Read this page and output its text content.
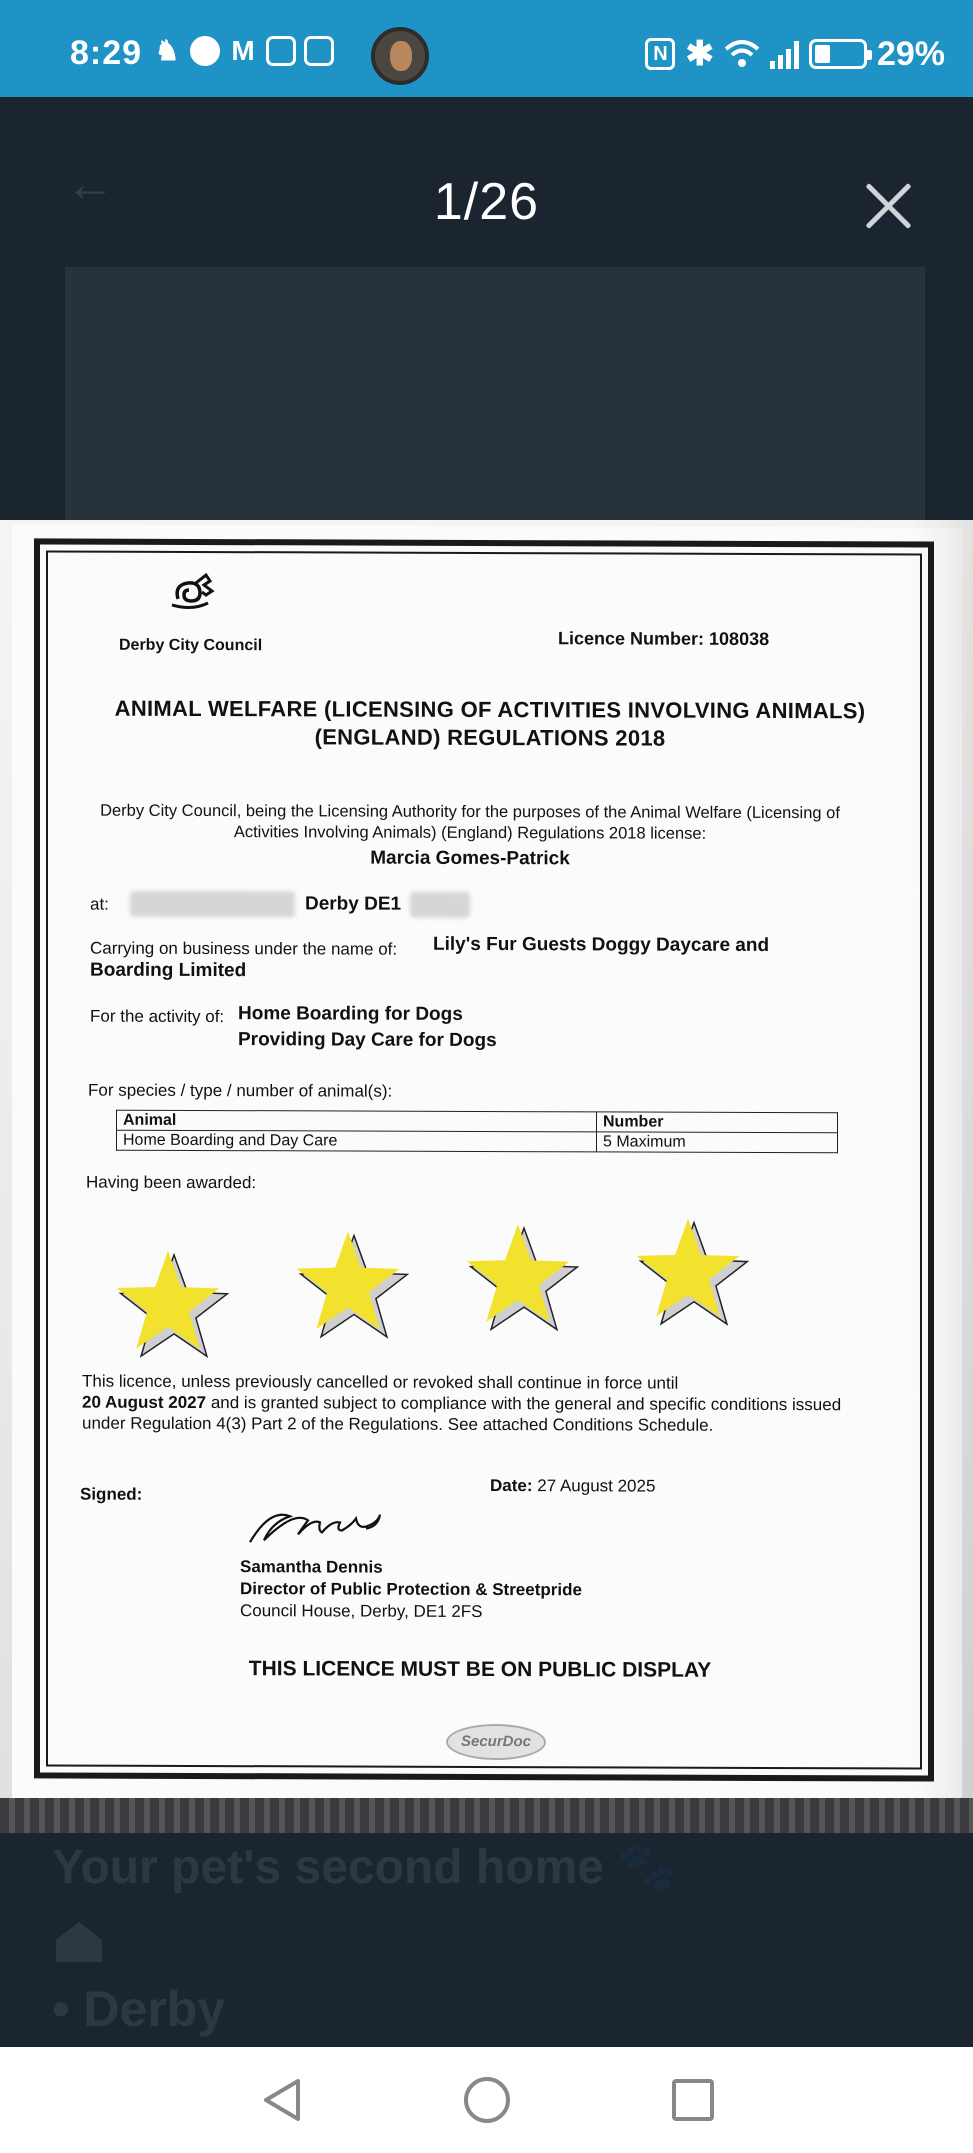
8:29 ♞ M	N ✱	29%
←	1/26
Derby City Council	Licence Number: 108038
ANIMAL WELFARE (LICENSING OF ACTIVITIES INVOLVING ANIMALS) (ENGLAND) REGULATIONS 2018
Derby City Council, being the Licensing Authority for the purposes of the Animal Welfare (Licensing of Activities Involving Animals) (England) Regulations 2018 license:
Marcia Gomes-Patrick
at:	Derby DE1
Carrying on business under the name of: Lily's Fur Guests Doggy Daycare and
Boarding Limited
For the activity of: Home Boarding for Dogs
Providing Day Care for Dogs
For species / type / number of animal(s):
Animal	Number
Home Boarding and Day Care	5 Maximum
Having been awarded:
This licence, unless previously cancelled or revoked shall continue in force until
20 August 2027 and is granted subject to compliance with the general and specific conditions issued under Regulation 4(3) Part 2 of the Regulations. See attached Conditions Schedule.
Signed:	Date: 27 August 2025
Samantha Dennis
Director of Public Protection & Streetpride
Council House, Derby, DE1 2FS
THIS LICENCE MUST BE ON PUBLIC DISPLAY
SecurDoc
Your pet's second home 🐾
• Derby
